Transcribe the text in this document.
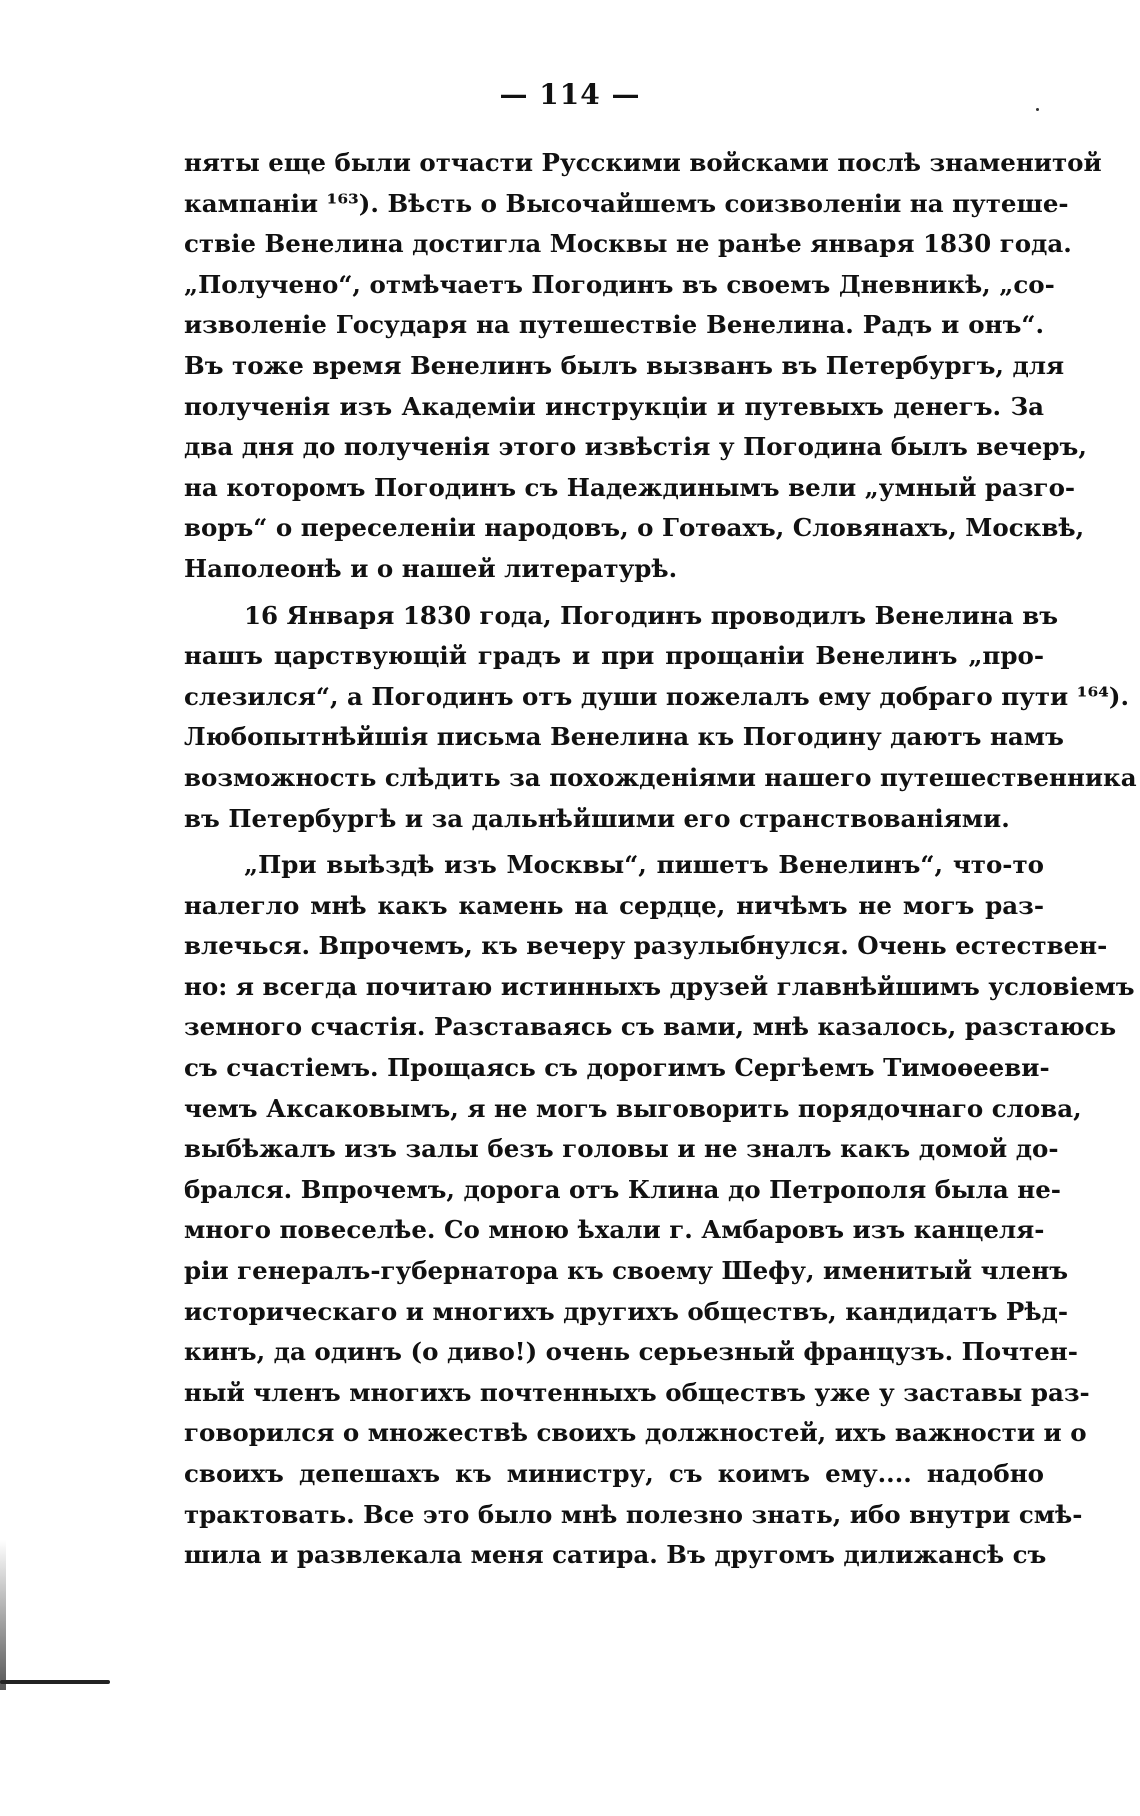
— 114 —
няты еще были отчасти Русскими войсками послѣ знаменитой
кампаніи ¹⁶³). Вѣсть о Высочайшемъ соизволеніи на путеше-
ствіе Венелина достигла Москвы не ранѣе января 1830 года.
„Получено“, отмѣчаетъ Погодинъ въ своемъ Дневникѣ, „со-
изволеніе Государя на путешествіе Венелина. Радъ и онъ“.
Въ тоже время Венелинъ былъ вызванъ въ Петербургъ, для
полученія изъ Академіи инструкціи и путевыхъ денегъ. За
два дня до полученія этого извѣстія у Погодина былъ вечеръ,
на которомъ Погодинъ съ Надеждинымъ вели „умный разго-
воръ“ о переселеніи народовъ, о Готѳахъ, Словянахъ, Москвѣ,
Наполеонѣ и о нашей литературѣ.
16 Января 1830 года, Погодинъ проводилъ Венелина въ
нашъ царствующій градъ и при прощаніи Венелинъ „про-
слезился“, а Погодинъ отъ души пожелалъ ему добраго пути ¹⁶⁴).
Любопытнѣйшія письма Венелина къ Погодину даютъ намъ
возможность слѣдить за похожденіями нашего путешественника
въ Петербургѣ и за дальнѣйшими его странствованіями.
„При выѣздѣ изъ Москвы“, пишетъ Венелинъ“, что-то
налегло мнѣ какъ камень на сердце, ничѣмъ не могъ раз-
влечься. Впрочемъ, къ вечеру разулыбнулся. Очень естествен-
но: я всегда почитаю истинныхъ друзей главнѣйшимъ условіемъ
земного счастія. Разставаясь съ вами, мнѣ казалось, разстаюсь
съ счастіемъ. Прощаясь съ дорогимъ Сергѣемъ Тимоѳееви-
чемъ Аксаковымъ, я не могъ выговорить порядочнаго слова,
выбѣжалъ изъ залы безъ головы и не зналъ какъ домой до-
брался. Впрочемъ, дорога отъ Клина до Петрополя была не-
много повеселѣе. Со мною ѣхали г. Амбаровъ изъ канцеля-
ріи генералъ-губернатора къ своему Шефу, именитый членъ
историческаго и многихъ другихъ обществъ, кандидатъ Рѣд-
кинъ, да одинъ (о диво!) очень серьезный французъ. Почтен-
ный членъ многихъ почтенныхъ обществъ уже у заставы раз-
говорился о множествѣ своихъ должностей, ихъ важности и о
своихъ депешахъ къ министру, съ коимъ ему.... надобно
трактовать. Все это было мнѣ полезно знать, ибо внутри смѣ-
шила и развлекала меня сатира. Въ другомъ дилижансѣ съ
